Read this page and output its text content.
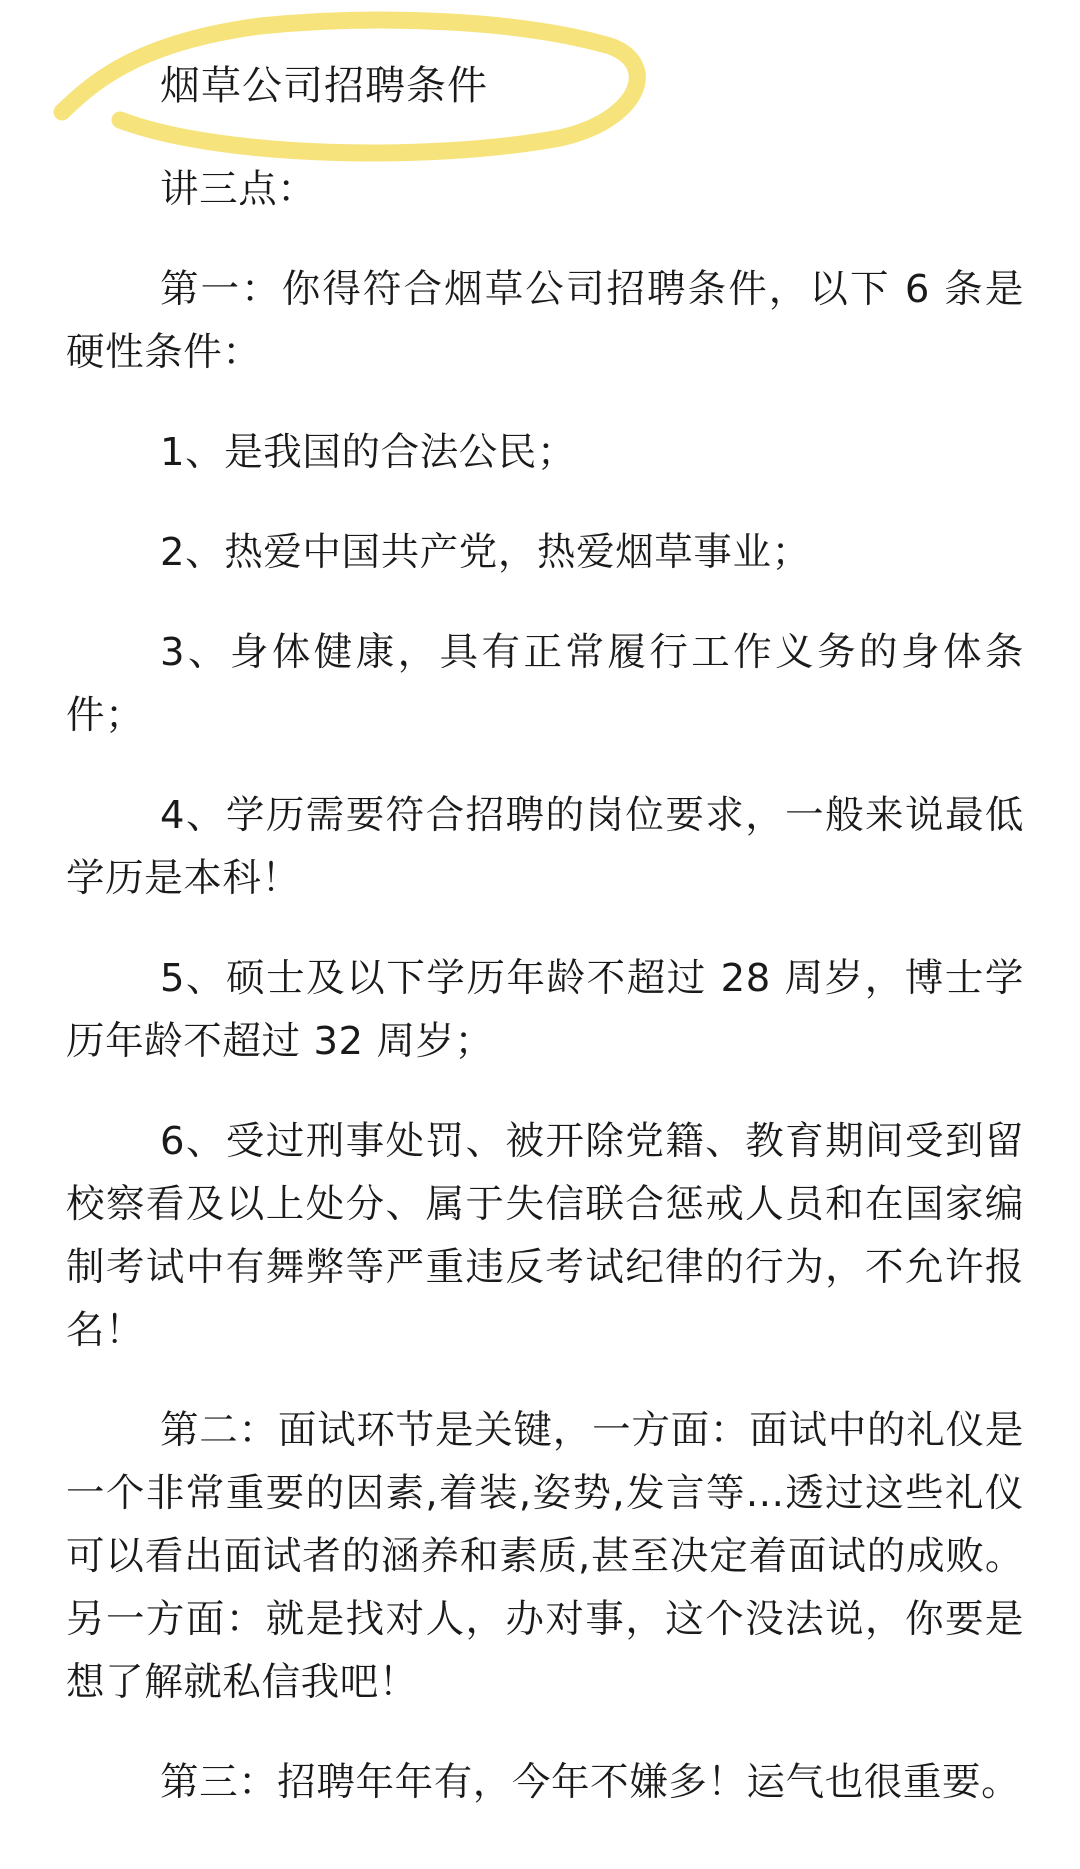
烟草公司招聘条件

讲三点：

第一：你得符合烟草公司招聘条件，以下 6 条是硬性条件：

1、是我国的合法公民；

2、热爱中国共产党，热爱烟草事业；

3、身体健康，具有正常履行工作义务的身体条件；

4、学历需要符合招聘的岗位要求，一般来说最低学历是本科！

5、硕士及以下学历年龄不超过 28 周岁，博士学历年龄不超过 32 周岁；

6、受过刑事处罚、被开除党籍、教育期间受到留校察看及以上处分、属于失信联合惩戒人员和在国家编制考试中有舞弊等严重违反考试纪律的行为，不允许报名！

第二：面试环节是关键，一方面：面试中的礼仪是一个非常重要的因素,着装,姿势,发言等...透过这些礼仪可以看出面试者的涵养和素质,甚至决定着面试的成败。另一方面：就是找对人，办对事，这个没法说，你要是想了解就私信我吧！

第三：招聘年年有，今年不嫌多！运气也很重要。
